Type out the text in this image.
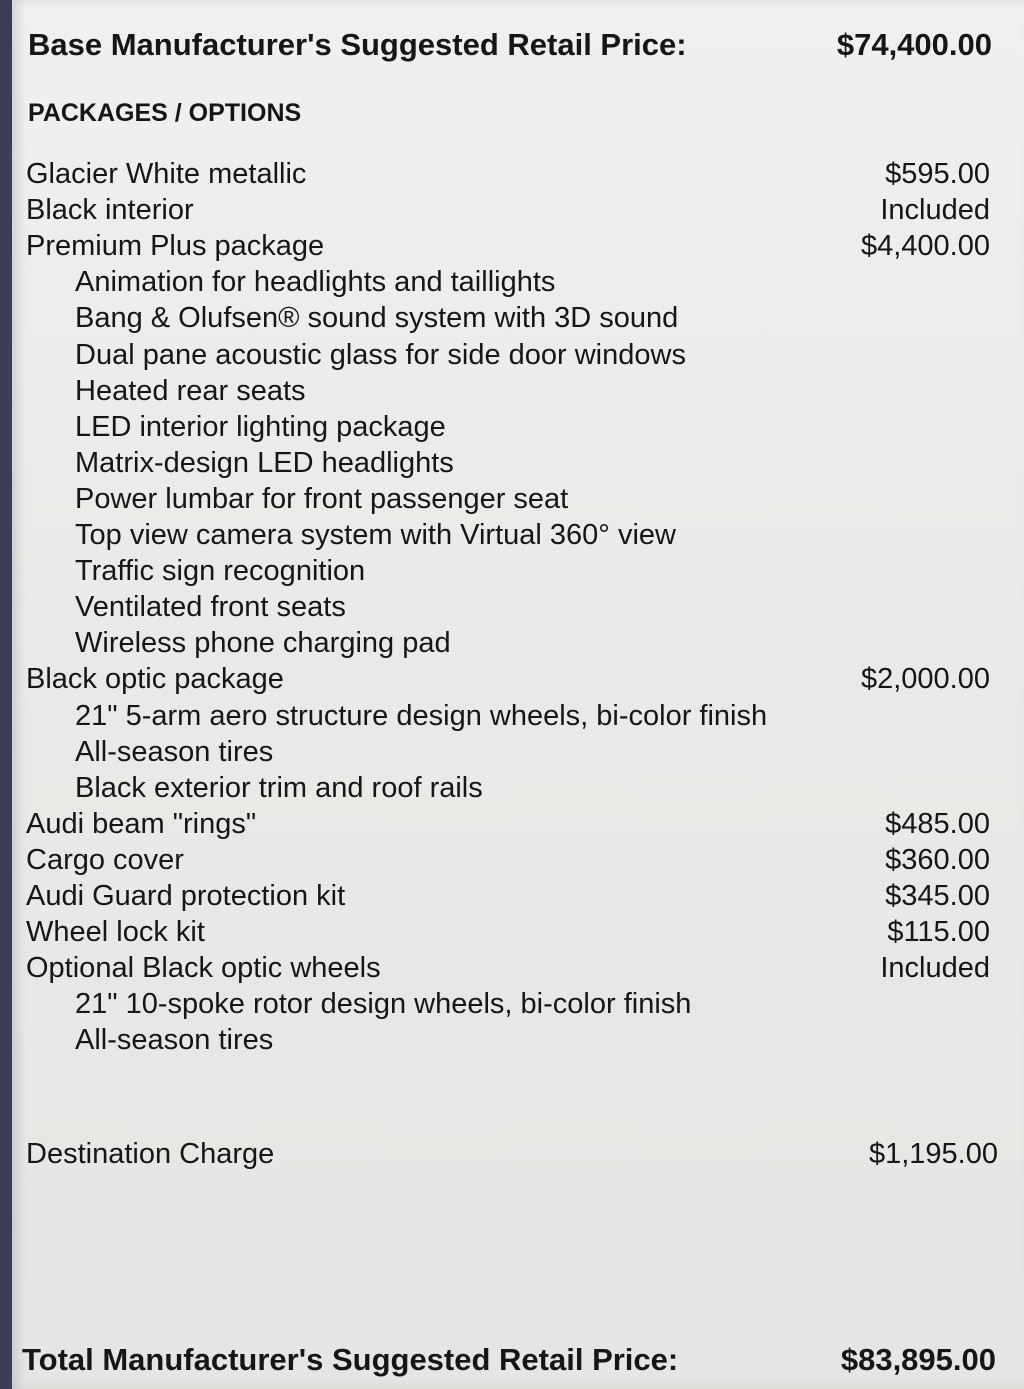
Base Manufacturer's Suggested Retail Price:	$74,400.00
PACKAGES / OPTIONS
Glacier White metallic	$595.00
Black interior	Included
Premium Plus package	$4,400.00
Animation for headlights and taillights
Bang & Olufsen® sound system with 3D sound
Dual pane acoustic glass for side door windows
Heated rear seats
LED interior lighting package
Matrix-design LED headlights
Power lumbar for front passenger seat
Top view camera system with Virtual 360° view
Traffic sign recognition
Ventilated front seats
Wireless phone charging pad
Black optic package	$2,000.00
21" 5-arm aero structure design wheels, bi-color finish
All-season tires
Black exterior trim and roof rails
Audi beam "rings"	$485.00
Cargo cover	$360.00
Audi Guard protection kit	$345.00
Wheel lock kit	$115.00
Optional Black optic wheels	Included
21" 10-spoke rotor design wheels, bi-color finish
All-season tires
Destination Charge	$1,195.00
Total Manufacturer's Suggested Retail Price:	$83,895.00
